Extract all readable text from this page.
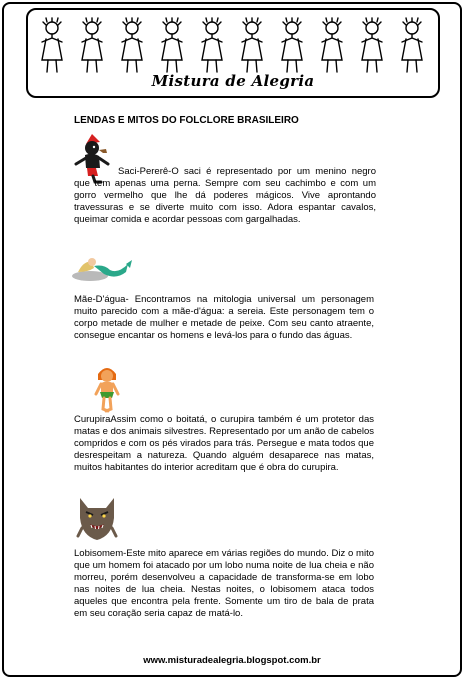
Mistura de Alegria
LENDAS E MITOS DO FOLCLORE BRASILEIRO

Saci-Pererê-O saci é representado por um menino negro que tem apenas uma perna. Sempre com seu cachimbo e com um gorro vermelho que lhe dá poderes mágicos. Vive aprontando travessuras e se diverte muito com isso. Adora espantar cavalos, queimar comida e acordar pessoas com gargalhadas.

Mãe-D'água- Encontramos na mitologia universal um personagem muito parecido com a mãe-d'água: a sereia. Este personagem tem o corpo metade de mulher e metade de peixe. Com seu canto atraente, consegue encantar os homens e levá-los para o fundo das águas.

CurupiraAssim como o boitatá, o curupira também é um protetor das matas e dos animais silvestres. Representado por um anão de cabelos compridos e com os pés virados para trás. Persegue e mata todos que desrespeitam a natureza. Quando alguém desaparece nas matas, muitos habitantes do interior acreditam que é obra do curupira.

Lobisomem-Este mito aparece em várias regiões do mundo. Diz o mito que um homem foi atacado por um lobo numa noite de lua cheia e não morreu, porém desenvolveu a capacidade de transforma-se em lobo nas noites de lua cheia. Nestas noites, o lobisomem ataca todos aqueles que encontra pela frente. Somente um tiro de bala de prata em seu coração seria capaz de matá-lo.

www.misturadealegria.blogspot.com.br
